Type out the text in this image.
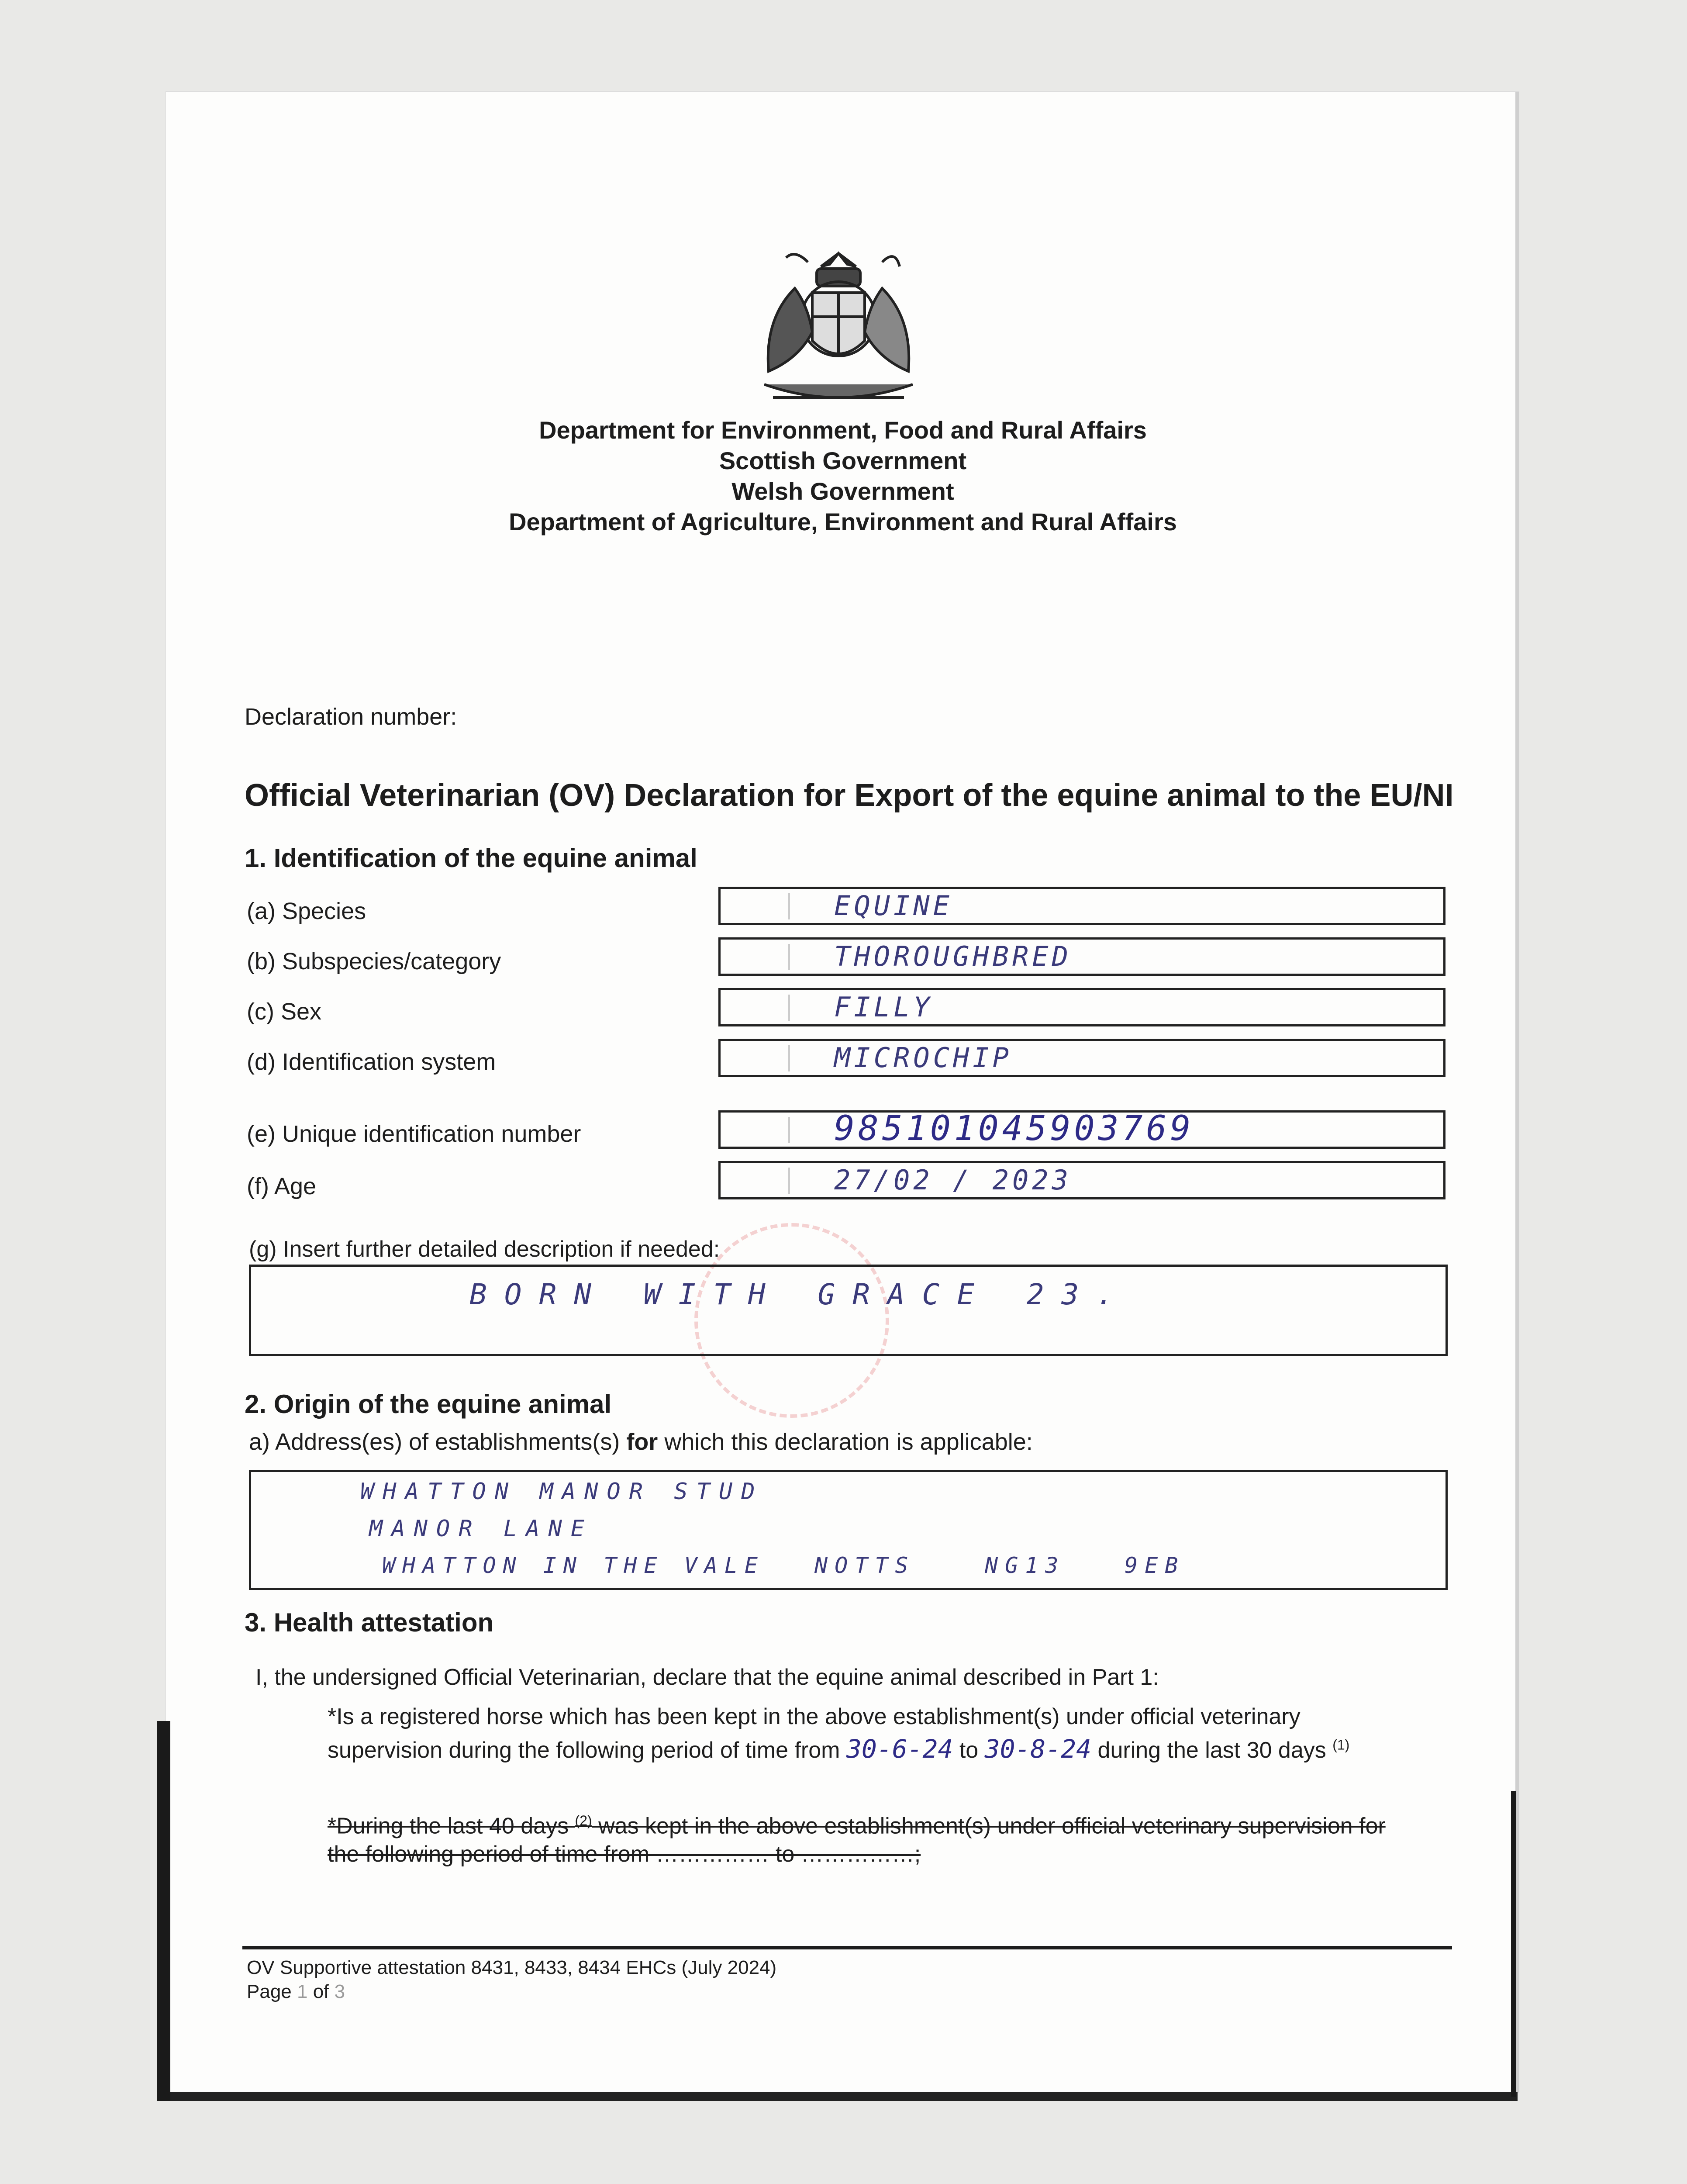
Department for Environment, Food and Rural Affairs
Scottish Government
Welsh Government
Department of Agriculture, Environment and Rural Affairs
Declaration number:
Official Veterinarian (OV) Declaration for Export of the equine animal to the EU/NI
1. Identification of the equine animal
(a) Species	EQUINE
(b) Subspecies/category	THOROUGHBRED
(c) Sex	FILLY
(d) Identification system	MICROCHIP
(e) Unique identification number	985101045903769
(f) Age	27/02 / 2023
(g) Insert further detailed description if needed:
BORN WITH GRACE 23.
2. Origin of the equine animal
a) Address(es) of establishments(s) for which this declaration is applicable:
WHATTON MANOR STUD
MANOR LANE
WHATTON IN THE VALE NOTTS	NG13	9EB
3. Health attestation
I, the undersigned Official Veterinarian, declare that the equine animal described in Part 1:
*Is a registered horse which has been kept in the above establishment(s) under official veterinary
supervision during the following period of time from 30-6-24 to 30-8-24 during the last 30 days $^{(1)}$
*During the last 40 days $^{(2)}$ was kept in the above establishment(s) under official veterinary supervision for
the following period of time from …………… to ……………;
OV Supportive attestation 8431, 8433, 8434 EHCs (July 2024)
Page 1 of 3
